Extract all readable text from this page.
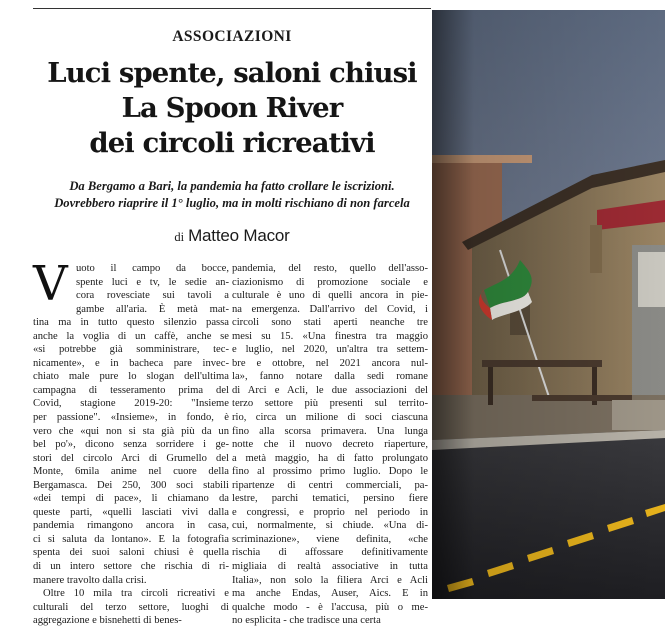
ASSOCIAZIONI
Luci spente, saloni chiusi
La Spoon River
dei circoli ricreativi
Da Bergamo a Bari, la pandemia ha fatto crollare le iscrizioni.
Dovrebbero riaprire il 1° luglio, ma in molti rischiano di non farcela
di Matteo Macor
V uoto il campo da bocce,
spente luci e tv, le sedie an-
cora rovesciate sui tavoli a
gambe all'aria. È metà mat-
tina ma in tutto questo silenzio passa
anche la voglia di un caffè, anche se
«si potrebbe già somministrare, tec-
nicamente», e in bacheca pare invec-
chiato male pure lo slogan dell'ultima
campagna di tesseramento prima del
Covid, stagione 2019-20: "Insieme
per passione". «Insieme», in fondo, è
vero che «qui non si sta già più da un
bel po'», dicono senza sorridere i ge-
stori del circolo Arci di Grumello del
Monte, 6mila anime nel cuore della
Bergamasca. Dei 250, 300 soci stabili
«dei tempi di pace», li chiamano da
queste parti, «quelli lasciati vivi dalla
pandemia rimangono ancora in casa,
ci si saluta da lontano». E la fotografia
spenta dei suoi saloni chiusi è quella
di un intero settore che rischia di ri-
manere travolto dalla crisi.
Oltre 10 mila tra circoli ricreativi e
culturali del terzo settore, luoghi di
aggregazione e bisnehetti di benes-
pandemia, del resto, quello dell'asso-
ciazionismo di promozione sociale e
culturale è uno di quelli ancora in pie-
na emergenza. Dall'arrivo del Covid, i
circoli sono stati aperti neanche tre
mesi su 15. «Una finestra tra maggio
e luglio, nel 2020, un'altra tra settem-
bre e ottobre, nel 2021 ancora nul-
la», fanno notare dalla sedi romane
di Arci e Acli, le due associazioni del
terzo settore più presenti sul territo-
rio, circa un milione di soci ciascuna
fino alla scorsa primavera. Una lunga
notte che il nuovo decreto riaperture,
a metà maggio, ha di fatto prolungato
fino al prossimo primo luglio. Dopo le
ripartenze di centri commerciali, pa-
lestre, parchi tematici, persino fiere
e congressi, e proprio nel periodo in
cui, normalmente, si chiude. «Una di-
scriminazione», viene definita, «che
rischia di affossare definitivamente
migliaia di realtà associative in tutta
Italia», non solo la filiera Arci e Acli
ma anche Endas, Auser, Aics. E in
qualche modo - è l'accusa, più o me-
no esplicita - che tradisce una certa
